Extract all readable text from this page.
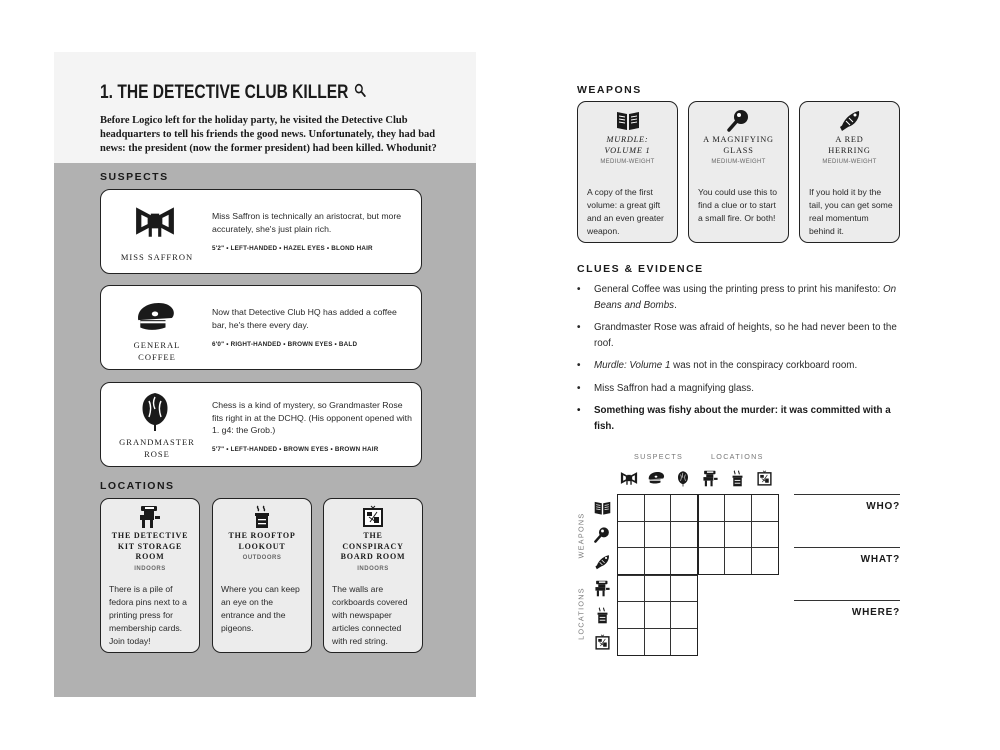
1. THE DETECTIVE CLUB KILLER

Before Logico left for the holiday party, he visited the Detective Club headquarters to tell his friends the good news. Unfortunately, they had bad news: the president (now the former president) had been killed. Whodunit?

SUSPECTS
MISS SAFFRON
Miss Saffron is technically an aristocrat, but more accurately, she's just plain rich.
5'2" • LEFT-HANDED • HAZEL EYES • BLOND HAIR
GENERAL
COFFEE
Now that Detective Club HQ has added a coffee bar, he's there every day.
6'0" • RIGHT-HANDED • BROWN EYES • BALD
GRANDMASTER
ROSE
Chess is a kind of mystery, so Grandmaster Rose fits right in at the DCHQ. (His opponent opened with 1. g4: the Grob.)
5'7" • LEFT-HANDED • BROWN EYES • BROWN HAIR
LOCATIONS
THE DETECTIVE
KIT STORAGE
ROOM
INDOORS
There is a pile of fedora pins next to a printing press for membership cards. Join today!
THE ROOFTOP
LOOKOUT
OUTDOORS
Where you can keep an eye on the entrance and the pigeons.
THE
CONSPIRACY
BOARD ROOM
INDOORS
The walls are corkboards covered with newspaper articles connected with red string.
WEAPONS
MURDLE:
VOLUME 1
MEDIUM-WEIGHT
A copy of the first volume: a great gift and an even greater weapon.
A MAGNIFYING
GLASS
MEDIUM-WEIGHT
You could use this to find a clue or to start a small fire. Or both!
A RED
HERRING
MEDIUM-WEIGHT
If you hold it by the tail, you can get some real momentum behind it.
CLUES & EVIDENCE
• General Coffee was using the printing press to print his manifesto: On Beans and Bombs.
• Grandmaster Rose was afraid of heights, so he had never been to the roof.
• Murdle: Volume 1 was not in the conspiracy corkboard room.
• Miss Saffron had a magnifying glass.
• Something was fishy about the murder: it was committed with a fish.
SUSPECTS	LOCATIONS
WEAPONS
LOCATIONS
WHO?
WHAT?
WHERE?
